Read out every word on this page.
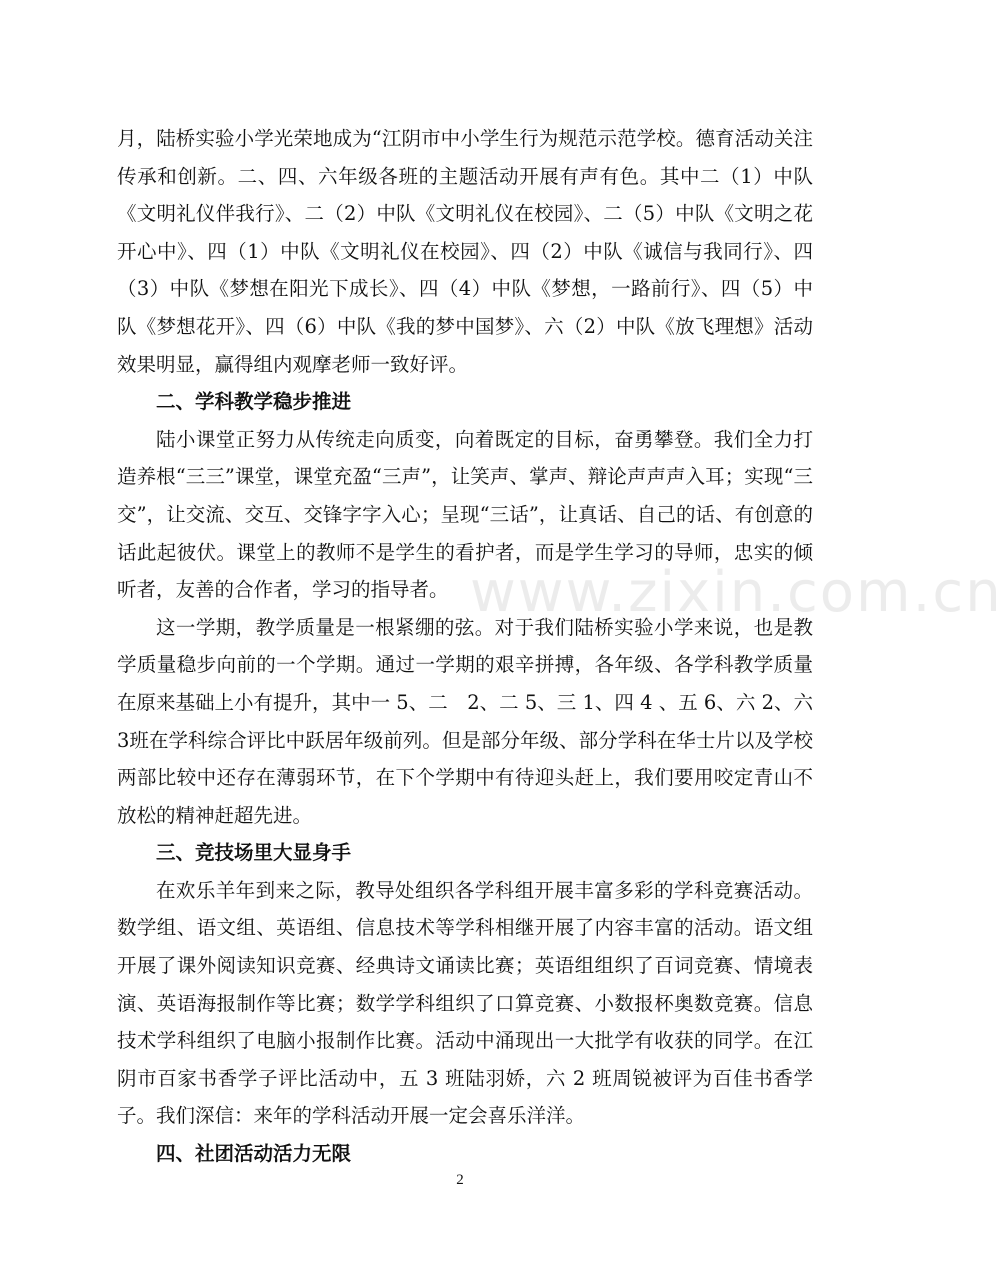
月，陆桥实验小学光荣地成为“江阴市中小学生行为规范示范学校。德育活动关注传承和创新。二、四、六年级各班的主题活动开展有声有色。其中二（1）中队《文明礼仪伴我行》、二（2）中队《文明礼仪在校园》、二（5）中队《文明之花开心中》、四（1）中队《文明礼仪在校园》、四（2）中队《诚信与我同行》、四（3）中队《梦想在阳光下成长》、四（4）中队《梦想，一路前行》、四（5）中队《梦想花开》、四（6）中队《我的梦中国梦》、六（2）中队《放飞理想》活动效果明显，赢得组内观摩老师一致好评。

二、学科教学稳步推进

陆小课堂正努力从传统走向质变，向着既定的目标，奋勇攀登。我们全力打造养根“三三”课堂，课堂充盈“三声”，让笑声、掌声、辩论声声声入耳；实现“三交”，让交流、交互、交锋字字入心；呈现“三话”，让真话、自己的话、有创意的话此起彼伏。课堂上的教师不是学生的看护者，而是学生学习的导师，忠实的倾听者，友善的合作者，学习的指导者。

这一学期，教学质量是一根紧绷的弦。对于我们陆桥实验小学来说，也是教学质量稳步向前的一个学期。通过一学期的艰辛拼搏，各年级、各学科教学质量在原来基础上小有提升，其中一 5、二　2、二 5、三 1、四 4 、五 6、六 2、六 3班在学科综合评比中跃居年级前列。但是部分年级、部分学科在华士片以及学校两部比较中还存在薄弱环节，在下个学期中有待迎头赶上，我们要用咬定青山不放松的精神赶超先进。

三、竞技场里大显身手

在欢乐羊年到来之际，教导处组织各学科组开展丰富多彩的学科竞赛活动。数学组、语文组、英语组、信息技术等学科相继开展了内容丰富的活动。语文组开展了课外阅读知识竞赛、经典诗文诵读比赛；英语组组织了百词竞赛、情境表演、英语海报制作等比赛；数学学科组织了口算竞赛、小数报杯奥数竞赛。信息技术学科组织了电脑小报制作比赛。活动中涌现出一大批学有收获的同学。在江阴市百家书香学子评比活动中，五 3 班陆羽娇，六 2 班周锐被评为百佳书香学子。我们深信：来年的学科活动开展一定会喜乐洋洋。

四、社团活动活力无限

www.zixin.com.cn
2
